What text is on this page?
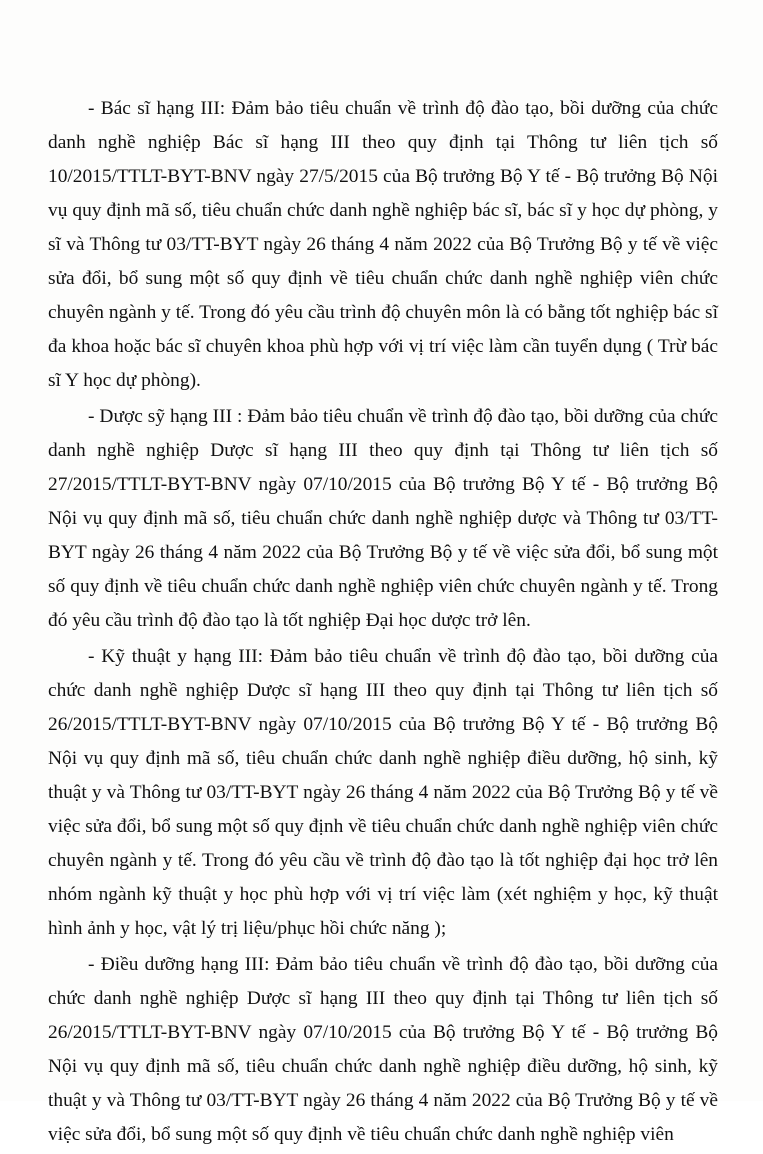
- Bác sĩ hạng III: Đảm bảo tiêu chuẩn về trình độ đào tạo, bồi dưỡng của chức danh nghề nghiệp Bác sĩ hạng III theo quy định tại Thông tư liên tịch số 10/2015/TTLT-BYT-BNV ngày 27/5/2015 của Bộ trưởng Bộ Y tế - Bộ trưởng Bộ Nội vụ quy định mã số, tiêu chuẩn chức danh nghề nghiệp bác sĩ, bác sĩ y học dự phòng, y sĩ và Thông tư 03/TT-BYT ngày 26 tháng 4 năm 2022 của Bộ Trưởng Bộ y tế về việc sửa đổi, bổ sung một số quy định về tiêu chuẩn chức danh nghề nghiệp viên chức chuyên ngành y tế. Trong đó yêu cầu trình độ chuyên môn là có bằng tốt nghiệp bác sĩ đa khoa hoặc bác sĩ chuyên khoa phù hợp với vị trí việc làm cần tuyển dụng ( Trừ bác sĩ Y học dự phòng).

- Dược sỹ hạng III : Đảm bảo tiêu chuẩn về trình độ đào tạo, bồi dưỡng của chức danh nghề nghiệp Dược sĩ hạng III theo quy định tại Thông tư liên tịch số 27/2015/TTLT-BYT-BNV ngày 07/10/2015 của Bộ trưởng Bộ Y tế - Bộ trưởng Bộ Nội vụ quy định mã số, tiêu chuẩn chức danh nghề nghiệp dược và Thông tư 03/TT-BYT ngày 26 tháng 4 năm 2022 của Bộ Trưởng Bộ y tế về việc sửa đổi, bổ sung một số quy định về tiêu chuẩn chức danh nghề nghiệp viên chức chuyên ngành y tế. Trong đó yêu cầu trình độ đào tạo là tốt nghiệp Đại học dược trở lên.

- Kỹ thuật y hạng III: Đảm bảo tiêu chuẩn về trình độ đào tạo, bồi dưỡng của chức danh nghề nghiệp Dược sĩ hạng III theo quy định tại Thông tư liên tịch số 26/2015/TTLT-BYT-BNV ngày 07/10/2015 của Bộ trưởng Bộ Y tế - Bộ trưởng Bộ Nội vụ quy định mã số, tiêu chuẩn chức danh nghề nghiệp điều dưỡng, hộ sinh, kỹ thuật y và Thông tư 03/TT-BYT ngày 26 tháng 4 năm 2022 của Bộ Trưởng Bộ y tế về việc sửa đổi, bổ sung một số quy định về tiêu chuẩn chức danh nghề nghiệp viên chức chuyên ngành y tế. Trong đó yêu cầu về trình độ đào tạo là tốt nghiệp đại học trở lên nhóm ngành kỹ thuật y học phù hợp với vị trí việc làm (xét nghiệm y học, kỹ thuật hình ảnh y học, vật lý trị liệu/phục hồi chức năng );

- Điều dưỡng hạng III: Đảm bảo tiêu chuẩn về trình độ đào tạo, bồi dưỡng của chức danh nghề nghiệp Dược sĩ hạng III theo quy định tại Thông tư liên tịch số 26/2015/TTLT-BYT-BNV ngày 07/10/2015 của Bộ trưởng Bộ Y tế - Bộ trưởng Bộ Nội vụ quy định mã số, tiêu chuẩn chức danh nghề nghiệp điều dưỡng, hộ sinh, kỹ thuật y và Thông tư 03/TT-BYT ngày 26 tháng 4 năm 2022 của Bộ Trưởng Bộ y tế về việc sửa đổi, bổ sung một số quy định về tiêu chuẩn chức danh nghề nghiệp viên
